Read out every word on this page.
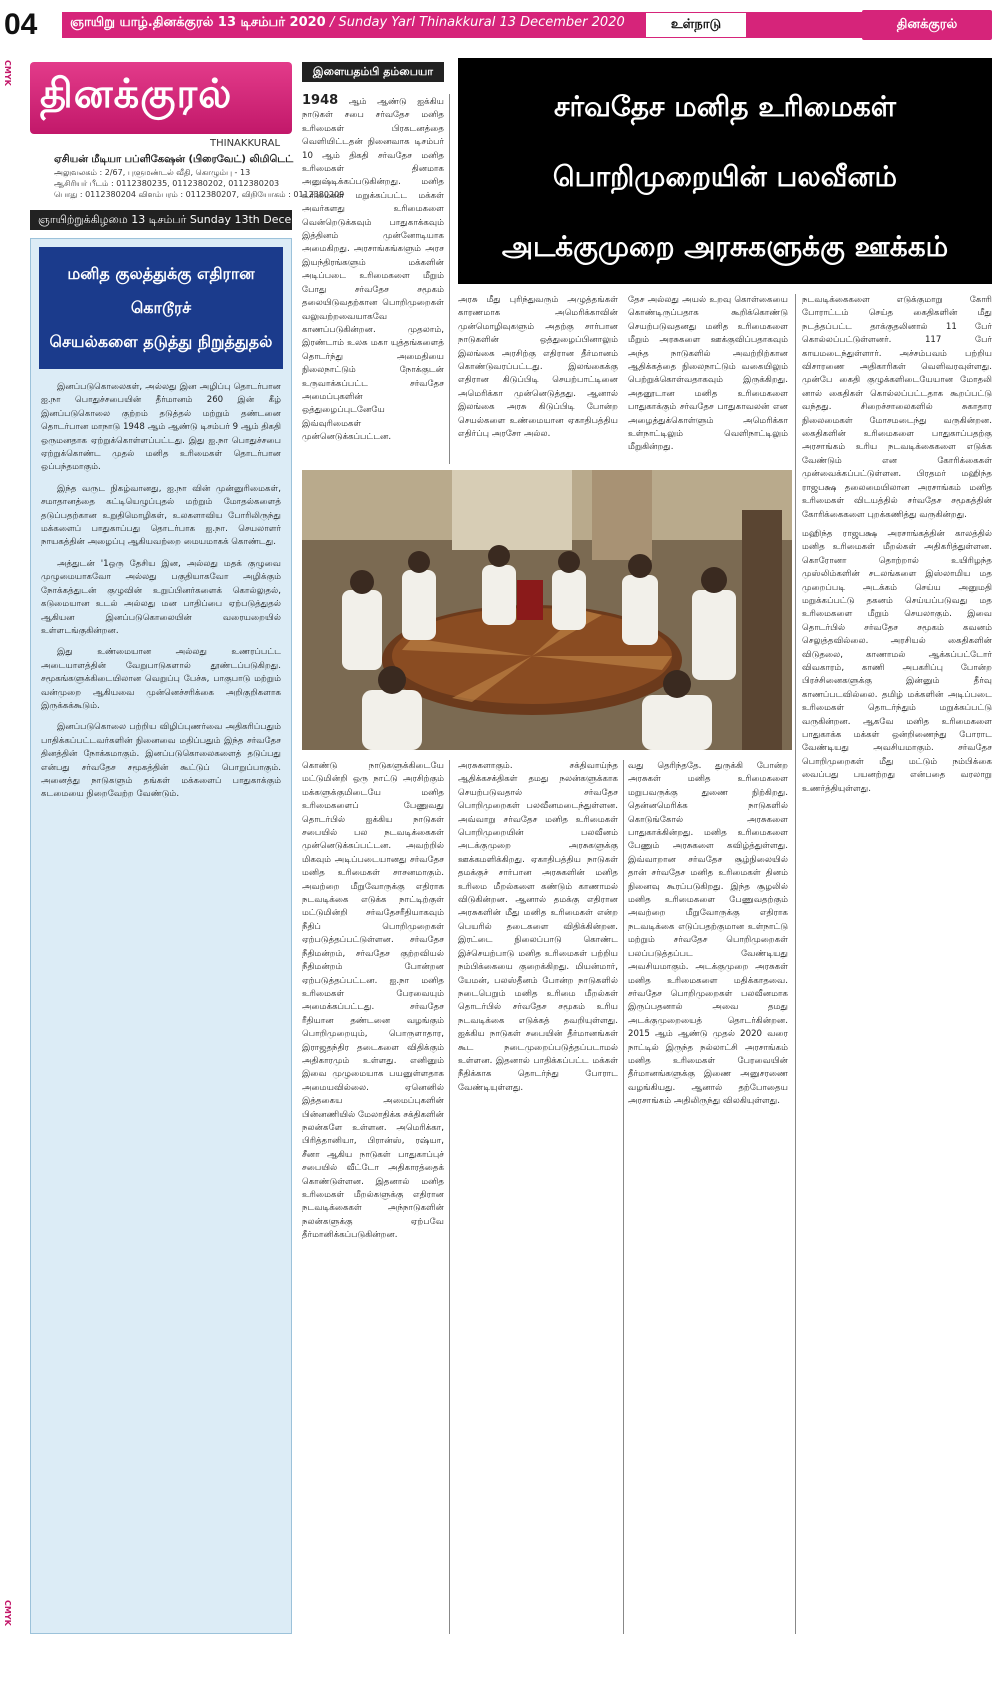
04	ஞாயிறு யாழ்.தினக்குரல் 13 டிசம்பர் 2020 / Sunday Yarl Thinakkural 13 December 2020	உள்நாடு	தினக்குரல்
CMYK
CMYK
தினக்குரல்
THINAKKURAL
ஏசியன் மீடியா பப்ளிகேஷன் (பிரைவேட்) லிமிடெட்
அலுவலகம் : 2/67, புளுமண்டல் வீதி, கொழும்பு - 13
ஆசிரியர் பீடம் : 0112380235, 0112380202, 0112380203
பொது : 0112380204 விளம்பரம் : 0112380207, விநியோகம் : 0112380209
ஞாயிற்றுக்கிழமை 13 டிசம்பர் Sunday 13th December 2020
மனித குலத்துக்கு எதிரான கொடூரச்
செயல்களை தடுத்து நிறுத்துதல்

இனப்படுகொலைகள், அல்லது இன அழிப்பு தொடர்பான ஐ.நா பொதுச்சபையின் தீர்மானம் 260 இன் கீழ் இனப்படுகொலை குற்றம் தடுத்தல் மற்றும் தண்டனை தொடர்பான மாநாடு 1948 ஆம் ஆண்டு டிசம்பர் 9 ஆம் திகதி ஒருமனதாக ஏற்றுக்கொள்ளப்பட்டது. இது ஐ.நா பொதுச்சபை ஏற்றுக்கொண்ட முதல் மனித உரிமைகள் தொடர்பான ஒப்பந்தமாகும்.

இந்த வருட நிகழ்வானது, ஐ.நா வின் முன்னுரிமைகள், சமாதானத்தை கட்டியெழுப்புதல் மற்றும் மோதல்களைத் தடுப்பதற்கான உறுதிமொழிகள், உலகளாவிய போரிலிருந்து மக்களைப் பாதுகாப்பது தொடர்பாக ஐ.நா. செயலாளர் நாயகத்தின் அழைப்பு ஆகியவற்றை மையமாகக் கொண்டது.

அத்துடன் '1ஒரு தேசிய இன, அல்லது மதக் குழுவை முழுமையாகவோ அல்லது பகுதியாகவோ அழிக்கும் நோக்கத்துடன் குழுவின் உறுப்பினர்களைக் கொல்லுதல், கடுமையான உடல் அல்லது மன பாதிப்பை ஏற்படுத்துதல் ஆகியன இனப்படுகொலையின் வரையறையில் உள்ளடங்குகின்றன.

இது உண்மையான அல்லது உணரப்பட்ட அடையாளத்தின் வேறுபாடுகளால் தூண்டப்படுகிறது. சமூகங்களுக்கிடையிலான வெறுப்பு பேச்சு, பாகுபாடு மற்றும் வன்முறை ஆகியவை முன்னெச்சரிக்கை அறிகுறிகளாக இருக்கக்கூடும்.

இனப்படுகொலை பற்றிய விழிப்புணர்வை அதிகரிப்பதும் பாதிக்கப்பட்டவர்களின் நினைவை மதிப்பதும் இந்த சர்வதேச தினத்தின் நோக்கமாகும். இனப்படுகொலைகளைத் தடுப்பது என்பது சர்வதேச சமூகத்தின் கூட்டுப் பொறுப்பாகும். அனைத்து நாடுகளும் தங்கள் மக்களைப் பாதுகாக்கும் கடமையை நிறைவேற்ற வேண்டும்.

இளையதம்பி தம்பையா
சர்வதேச மனித உரிமைகள்
பொறிமுறையின் பலவீனம்
அடக்குமுறை அரசுகளுக்கு ஊக்கம்

1948 ஆம் ஆண்டு ஐக்கிய நாடுகள் சபை சர்வதேச மனித உரிமைகள் பிரகடனத்தை வெளியிட்டதன் நினைவாக டிசம்பர் 10 ஆம் திகதி சர்வதேச மனித உரிமைகள் தினமாக அனுஷ்டிக்கப்படுகின்றது. மனித உரிமைகள் மறுக்கப்பட்ட மக்கள் அவர்களது உரிமைகளை வென்றெடுக்கவும் பாதுகாக்கவும் இத்தினம் முன்னோடியாக அமைகிறது. அரசாங்கங்களும் அரச இயந்திரங்களும் மக்களின் அடிப்படை உரிமைகளை மீறும் போது சர்வதேச சமூகம் தலையிடுவதற்கான பொறிமுறைகள் வலுவற்றவையாகவே காணப்படுகின்றன. முதலாம், இரண்டாம் உலக மகா யுத்தங்களைத் தொடர்ந்து அமைதியை நிலைநாட்டும் நோக்குடன் உருவாக்கப்பட்ட சர்வதேச அமைப்புகளின் ஒத்துழைப்புடனேயே இவ்வுரிமைகள் முன்னெடுக்கப்பட்டன.

அரசு மீது புரிந்துவரும் அழுத்தங்கள் காரணமாக அமெரிக்காவின் முன்மொழிவுகளும் அதற்கு சார்பான நாடுகளின் ஒத்துழைப்பினாலும் இலங்கை அரசிற்கு எதிரான தீர்மானம் கொண்டுவரப்பட்டது. இலங்கைக்கு எதிரான கிடுப்பிடி செயற்பாட்டினை அமெரிக்கா முன்னெடுத்தது. ஆனால் இலங்கை அரசு கிடுப்பிடி போன்ற செயல்களை உண்மையான ஏகாதிபத்திய எதிர்ப்பு அரசோ அல்ல.

தேச அல்லது அயல் உறவு கொள்கையை கொண்டிருப்பதாக கூறிக்கொண்டு செயற்படுவதனது மனித உரிமைகளை மீறும் அரசுகளை ஊக்குவிப்பதாகவும் அந்த நாடுகளில் அவற்றிற்கான ஆதிக்கத்தை நிலைநாட்டும் வகையிலும் பெற்றுக்கொள்வதாகவும் இருக்கிறது. அதனூடான மனித உரிமைகளை பாதுகாக்கும் சர்வதேச பாதுகாவலன் என அழைத்துக்கொள்ளும் அமெரிக்கா உள்நாட்டிலும் வெளிநாட்டிலும் மீறுகின்றது.

நடவடிக்கைகளை எடுக்குமாறு கோரி போராட்டம் செய்த கைதிகளின் மீது நடத்தப்பட்ட தாக்குதலினால் 11 பேர் கொல்லப்பட்டுள்ளனர். 117 பேர் காயமடைந்துள்ளார். அச்சம்பவம் பற்றிய விசாரணை அதிகாரிகள் வெளிவரவுள்ளது. முன்பே கைதி குழுக்களிடையேயான மோதலி னால் கைதிகள் கொல்லப்பட்டதாக கூறப்பட்டு வந்தது. சிறைச்சாலைகளில் சுகாதார நிலைமைகள் மோசமடைந்து வருகின்றன. கைதிகளின் உரிமைகளை பாதுகாப்பதற்கு அரசாங்கம் உரிய நடவடிக்கைகளை எடுக்க வேண்டும் என கோரிக்கைகள் முன்வைக்கப்பட்டுள்ளன. பிரதமர் மஹிந்த ராஜபக்ஷ தலைமையிலான அரசாங்கம் மனித உரிமைகள் விடயத்தில் சர்வதேச சமூகத்தின் கோரிக்கைகளை புறக்கணித்து வருகின்றது.

மஹிந்த ராஜபக்ஷ அரசாங்கத்தின் காலத்தில் மனித உரிமைகள் மீறல்கள் அதிகரித்துள்ளன. கொரோனா தொற்றால் உயிரிழந்த முஸ்லிம்களின் சடலங்களை இஸ்லாமிய மத முறைப்படி அடக்கம் செய்ய அனுமதி மறுக்கப்பட்டு தகனம் செய்யப்படுவது மத உரிமைகளை மீறும் செயலாகும். இவை தொடர்பில் சர்வதேச சமூகம் கவனம் செலுத்தவில்லை. அரசியல் கைதிகளின் விடுதலை, காணாமல் ஆக்கப்பட்டோர் விவகாரம், காணி அபகரிப்பு போன்ற பிரச்சினைகளுக்கு இன்னும் தீர்வு காணப்படவில்லை. தமிழ் மக்களின் அடிப்படை உரிமைகள் தொடர்ந்தும் மறுக்கப்பட்டு வருகின்றன. ஆகவே மனித உரிமைகளை பாதுகாக்க மக்கள் ஒன்றிணைந்து போராட வேண்டியது அவசியமாகும். சர்வதேச பொறிமுறைகள் மீது மட்டும் நம்பிக்கை வைப்பது பயனற்றது என்பதை வரலாறு உணர்த்தியுள்ளது.

கொண்டு நாடுகளுக்கிடையே மட்டுமின்றி ஒரு நாட்டு அரசிற்கும் மக்களுக்குமிடையே மனித உரிமைகளைப் பேணுவது தொடர்பில் ஐக்கிய நாடுகள் சபையில் பல நடவடிக்கைகள் முன்னெடுக்கப்பட்டன. அவற்றில் மிகவும் அடிப்படையானது சர்வதேச மனித உரிமைகள் சாசனமாகும். அவற்றை மீறுவோருக்கு எதிராக நடவடிக்கை எடுக்க நாட்டிற்குள் மட்டுமின்றி சர்வதேசரீதியாகவும் நீதிப் பொறிமுறைகள் ஏற்படுத்தப்பட்டுள்ளன. சர்வதேச நீதிமன்றம், சர்வதேச குற்றவியல் நீதிமன்றம் போன்றன ஏற்படுத்தப்பட்டன. ஐ.நா மனித உரிமைகள் பேரவையும் அமைக்கப்பட்டது. சர்வதேச ரீதியான தண்டனை வழங்கும் பொறிமுறையும், பொருளாதார, இராஜதந்திர தடைகளை விதிக்கும் அதிகாரமும் உள்ளது. எனினும் இவை முழுமையாக பயனுள்ளதாக அமையவில்லை. ஏனெனில் இத்தகைய அமைப்புகளின் பின்னணியில் மேலாதிக்க சக்திகளின் நலன்களே உள்ளன. அமெரிக்கா, பிரித்தானியா, பிரான்ஸ், ரஷ்யா, சீனா ஆகிய நாடுகள் பாதுகாப்புச் சபையில் வீட்டோ அதிகாரத்தைக் கொண்டுள்ளன. இதனால் மனித உரிமைகள் மீறல்களுக்கு எதிரான நடவடிக்கைகள் அந்நாடுகளின் நலன்களுக்கு ஏற்பவே தீர்மானிக்கப்படுகின்றன.

அரசுகளாகும். சக்திவாய்ந்த ஆதிக்கசக்திகள் தமது நலன்களுக்காக செயற்படுவதால் சர்வதேச பொறிமுறைகள் பலவீனமடைந்துள்ளன. அவ்வாறு சர்வதேச மனித உரிமைகள் பொறிமுறையின் பலவீனம் அடக்குமுறை அரசுகளுக்கு ஊக்கமளிக்கிறது. ஏகாதிபத்திய நாடுகள் தமக்குச் சார்பான அரசுகளின் மனித உரிமை மீறல்களை கண்டும் காணாமல் விடுகின்றன. ஆனால் தமக்கு எதிரான அரசுகளின் மீது மனித உரிமைகள் என்ற பெயரில் தடைகளை விதிக்கின்றன. இரட்டை நிலைப்பாடு கொண்ட இச்செயற்பாடு மனித உரிமைகள் பற்றிய நம்பிக்கையை குறைக்கிறது. மியன்மார், யேமன், பலஸ்தீனம் போன்ற நாடுகளில் நடைபெறும் மனித உரிமை மீறல்கள் தொடர்பில் சர்வதேச சமூகம் உரிய நடவடிக்கை எடுக்கத் தவறியுள்ளது. ஐக்கிய நாடுகள் சபையின் தீர்மானங்கள் கூட நடைமுறைப்படுத்தப்படாமல் உள்ளன. இதனால் பாதிக்கப்பட்ட மக்கள் நீதிக்காக தொடர்ந்து போராட வேண்டியுள்ளது.

வது தெரிந்ததே. துருக்கி போன்ற அரசுகள் மனித உரிமைகளை மறுபவருக்கு துணை நிற்கிறது. தென்னமெரிக்க நாடுகளில் கொடுங்கோல் அரசுகளை பாதுகாக்கின்றது. மனித உரிமைகளை பேணும் அரசுகளை கவிழ்த்துள்ளது. இவ்வாறான சர்வதேச சூழ்நிலையில் தான் சர்வதேச மனித உரிமைகள் தினம் நினைவு கூரப்படுகிறது. இந்த சூழலில் மனித உரிமைகளை பேணுவதற்கும் அவற்றை மீறுவோருக்கு எதிராக நடவடிக்கை எடுப்பதற்குமான உள்நாட்டு மற்றும் சர்வதேச பொறிமுறைகள் பலப்படுத்தப்பட வேண்டியது அவசியமாகும். அடக்குமுறை அரசுகள் மனித உரிமைகளை மதிக்காதவை. சர்வதேச பொறிமுறைகள் பலவீனமாக இருப்பதனால் அவை தமது அடக்குமுறையைத் தொடர்கின்றன. 2015 ஆம் ஆண்டு முதல் 2020 வரை நாட்டில் இருந்த நல்லாட்சி அரசாங்கம் மனித உரிமைகள் பேரவையின் தீர்மானங்களுக்கு இணை அனுசரணை வழங்கியது. ஆனால் தற்போதைய அரசாங்கம் அதிலிருந்து விலகியுள்ளது.
